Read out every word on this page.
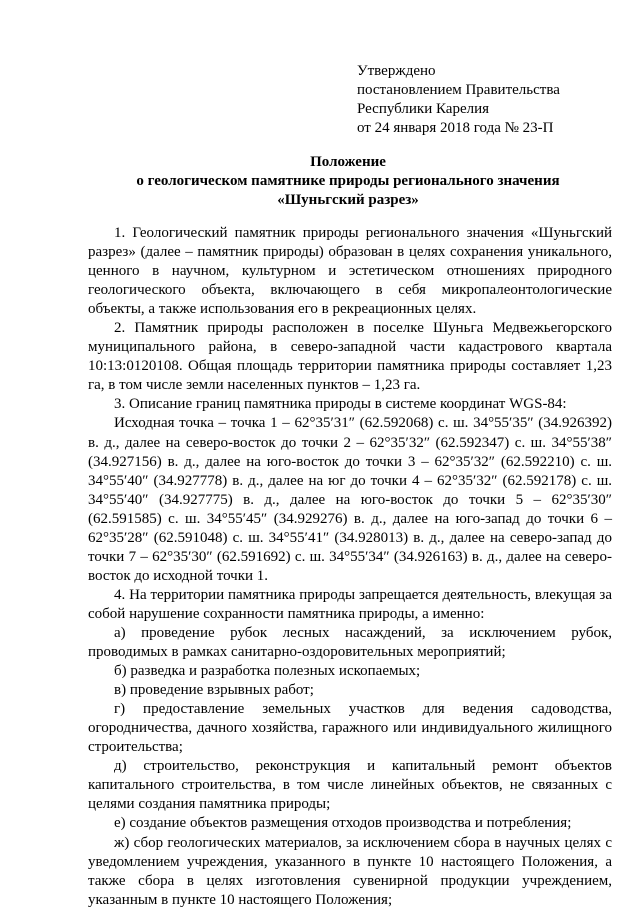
Утверждено
постановлением Правительства
Республики Карелия
от 24 января 2018 года № 23-П
Положение
о геологическом памятнике природы регионального значения
«Шуньгский разрез»

1. Геологический памятник природы регионального значения «Шуньгский разрез» (далее – памятник природы) образован в целях сохранения уникального, ценного в научном, культурном и эстетическом отношениях природного геологического объекта, включающего в себя микропалеонтологические объекты, а также использования его в рекреационных целях.

2. Памятник природы расположен в поселке Шуньга Медвежьегорского муниципального района, в северо-западной части кадастрового квартала 10:13:0120108. Общая площадь территории памятника природы составляет 1,23 га, в том числе земли населенных пунктов – 1,23 га.

3. Описание границ памятника природы в системе координат WGS-84:

Исходная точка – точка 1 – 62°35′31″ (62.592068) с. ш. 34°55′35″ (34.926392) в. д., далее на северо-восток до точки 2 – 62°35′32″ (62.592347) с. ш. 34°55′38″ (34.927156) в. д., далее на юго-восток до точки 3 – 62°35′32″ (62.592210) с. ш. 34°55′40″ (34.927778) в. д., далее на юг до точки 4 – 62°35′32″ (62.592178) с. ш. 34°55′40″ (34.927775) в. д., далее на юго-восток до точки 5 – 62°35′30″ (62.591585) с. ш. 34°55′45″ (34.929276) в. д., далее на юго-запад до точки 6 – 62°35′28″ (62.591048) с. ш. 34°55′41″ (34.928013) в. д., далее на северо-запад до точки 7 – 62°35′30″ (62.591692) с. ш. 34°55′34″ (34.926163) в. д., далее на северо-восток до исходной точки 1.

4. На территории памятника природы запрещается деятельность, влекущая за собой нарушение сохранности памятника природы, а именно:

а) проведение рубок лесных насаждений, за исключением рубок, проводимых в рамках санитарно-оздоровительных мероприятий;

б) разведка и разработка полезных ископаемых;

в) проведение взрывных работ;

г) предоставление земельных участков для ведения садоводства, огородничества, дачного хозяйства, гаражного или индивидуального жилищного строительства;

д) строительство, реконструкция и капитальный ремонт объектов капитального строительства, в том числе линейных объектов, не связанных с целями создания памятника природы;

е) создание объектов размещения отходов производства и потребления;

ж) сбор геологических материалов, за исключением сбора в научных целях с уведомлением учреждения, указанного в пункте 10 настоящего Положения, а также сбора в целях изготовления сувенирной продукции учреждением, указанным в пункте 10 настоящего Положения;
